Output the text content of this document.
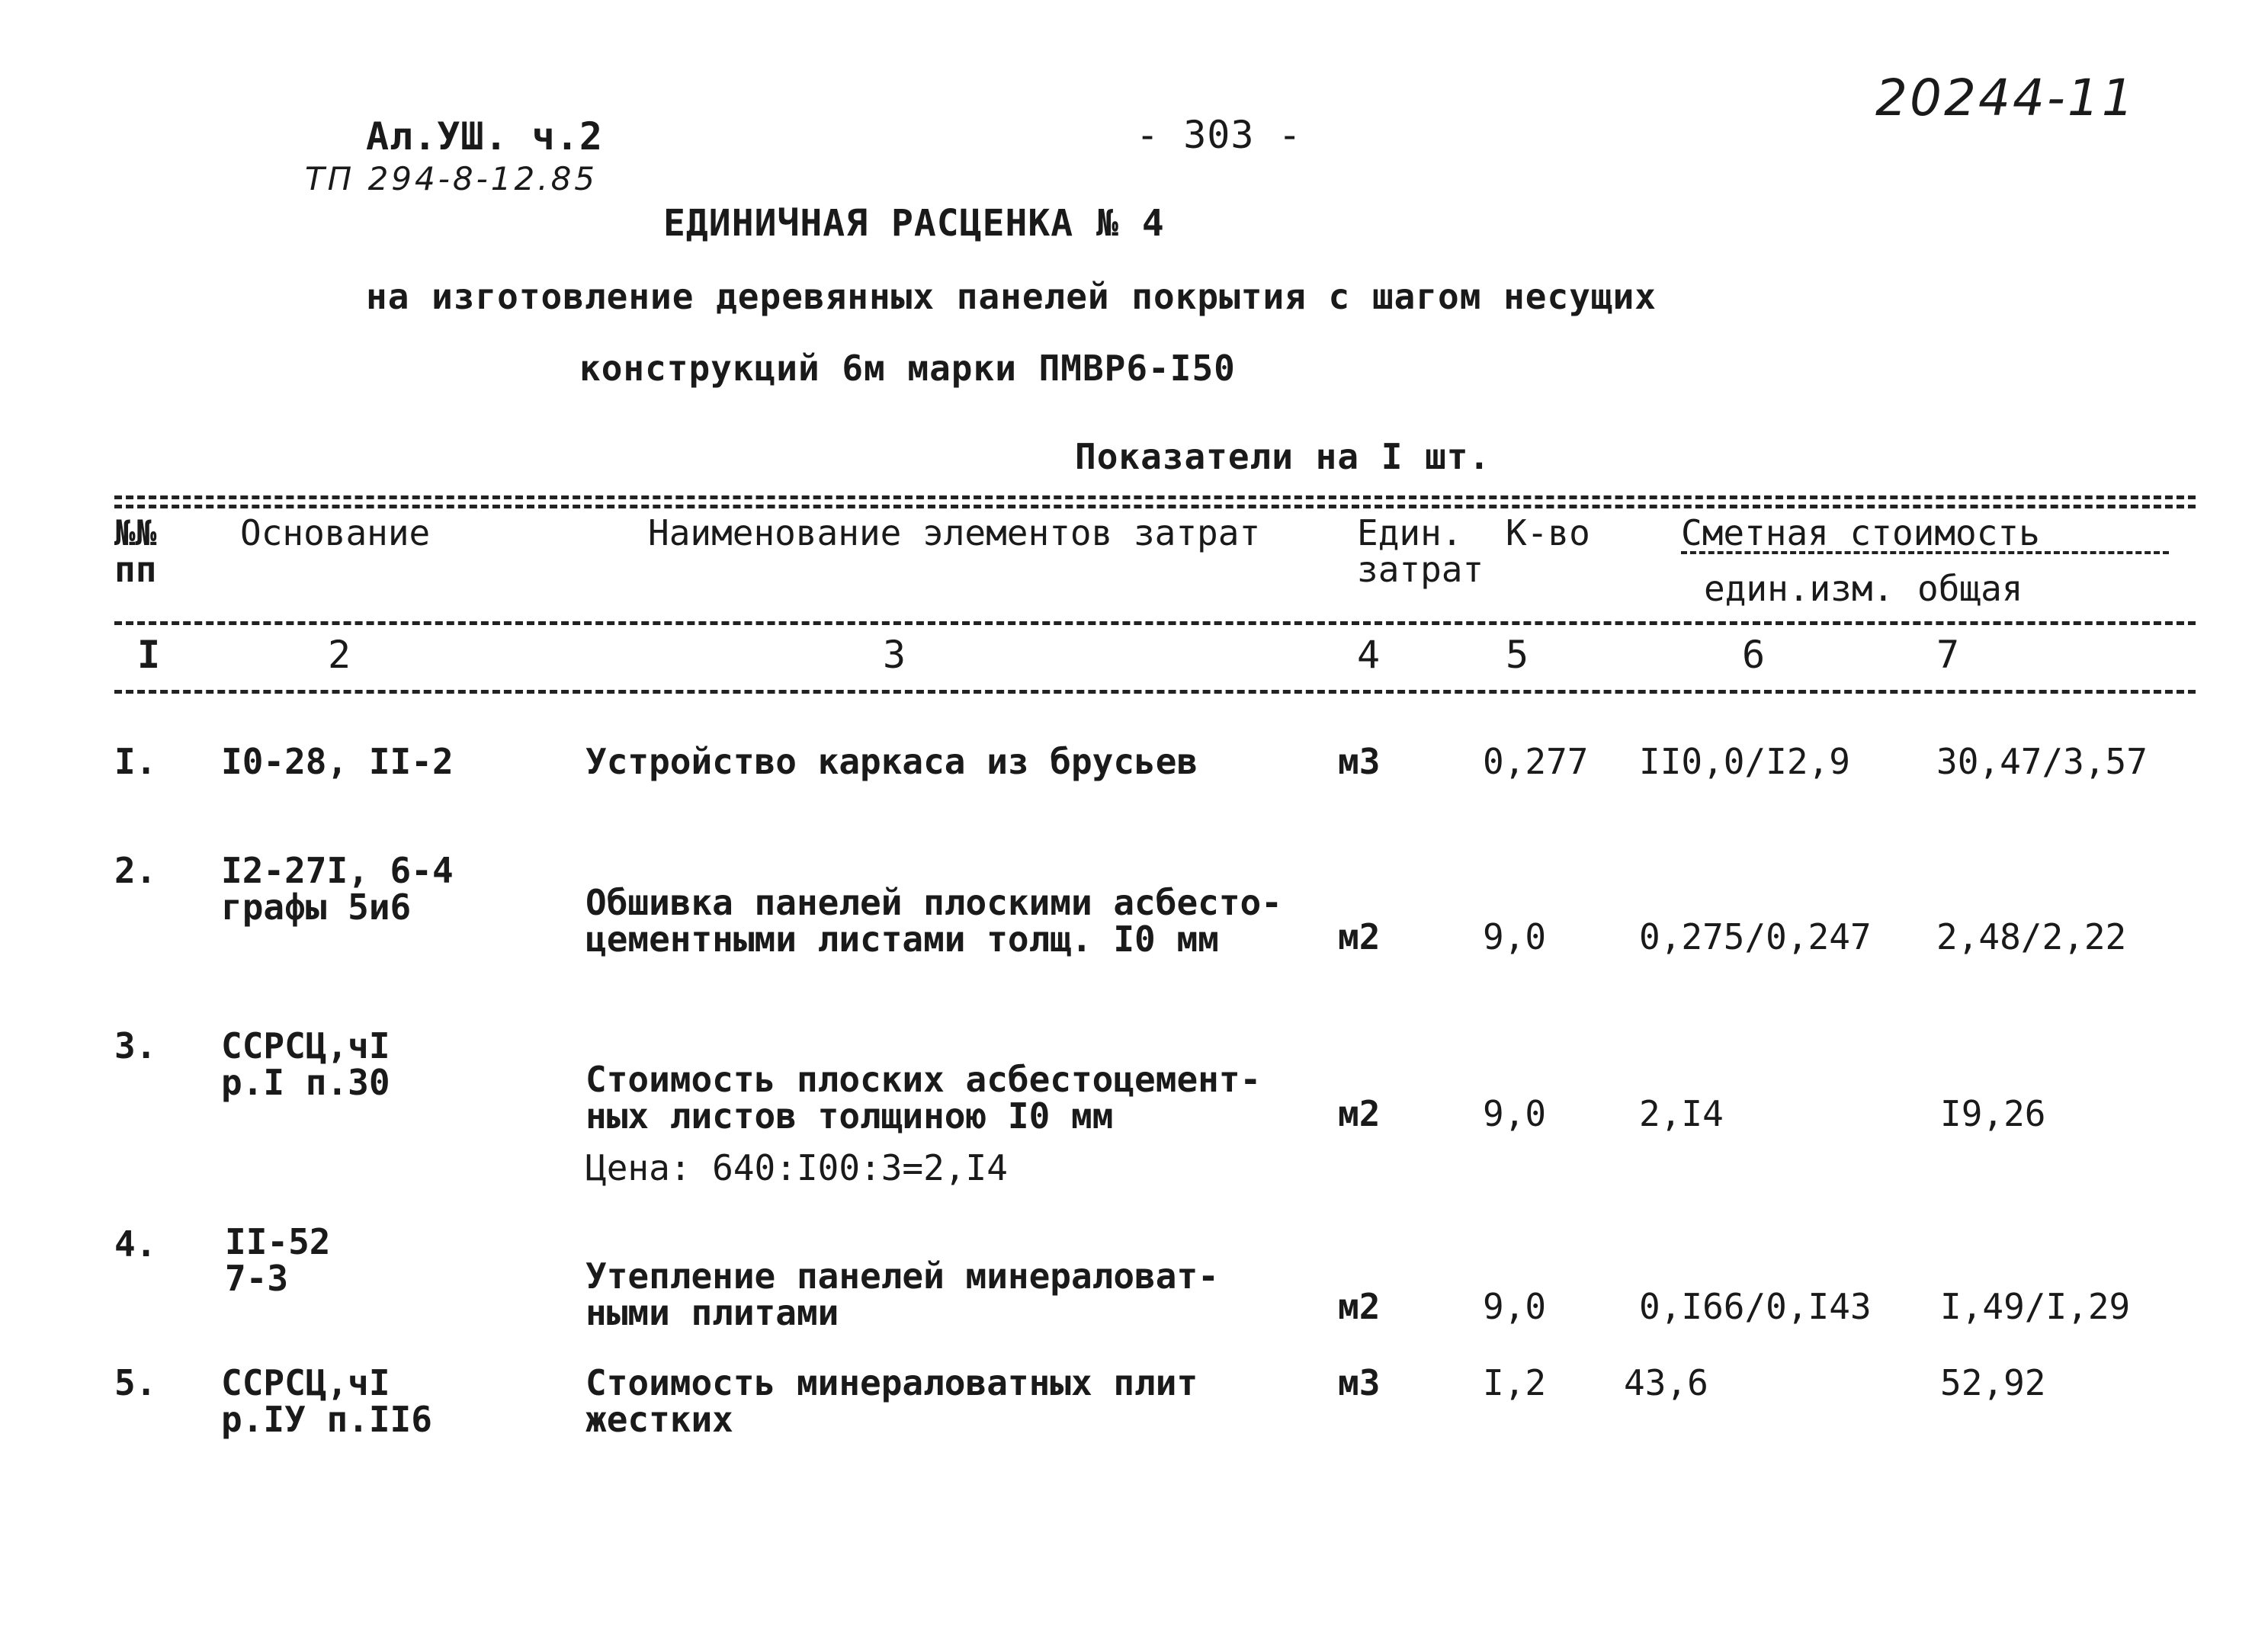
Ал.УШ. ч.2
ТП 294-8-12.85
- 303 -
20244-11
ЕДИНИЧНАЯ РАСЦЕНКА № 4
на изготовление деревянных панелей покрытия с шагом несущих
конструкций 6м марки ПМВР6-I50
Показатели на I шт.
№№
пп
Основание	Наименование элементов затрат	Един.
затрат
К-во	Сметная стоимость
един.изм. общая
I	2	3	4	5	6	7
I. I0-28, II-2	Устройство каркаса из брусьев	м3	0,277 II0,0/I2,9 30,47/3,57
2. I2-27I, 6-4
графы 5и6	Обшивка панелей плоскими асбесто-
цементными листами толщ. I0 мм	м2	9,0	0,275/0,247 2,48/2,22
3. ССРСЦ,чI
р.I п.30	Стоимость плоских асбестоцемент-
ных листов толщиною I0 мм
Цена: 640:I00:3=2,I4
м2	9,0	2,I4	I9,26
4. II-52
7-3	Утепление панелей минераловат-
ными плитами	м2	9,0	0,I66/0,I43 I,49/I,29
5. ССРСЦ,чI
р.IУ п.II6
Стоимость минераловатных плит
жестких
м3	I,2 43,6	52,92
